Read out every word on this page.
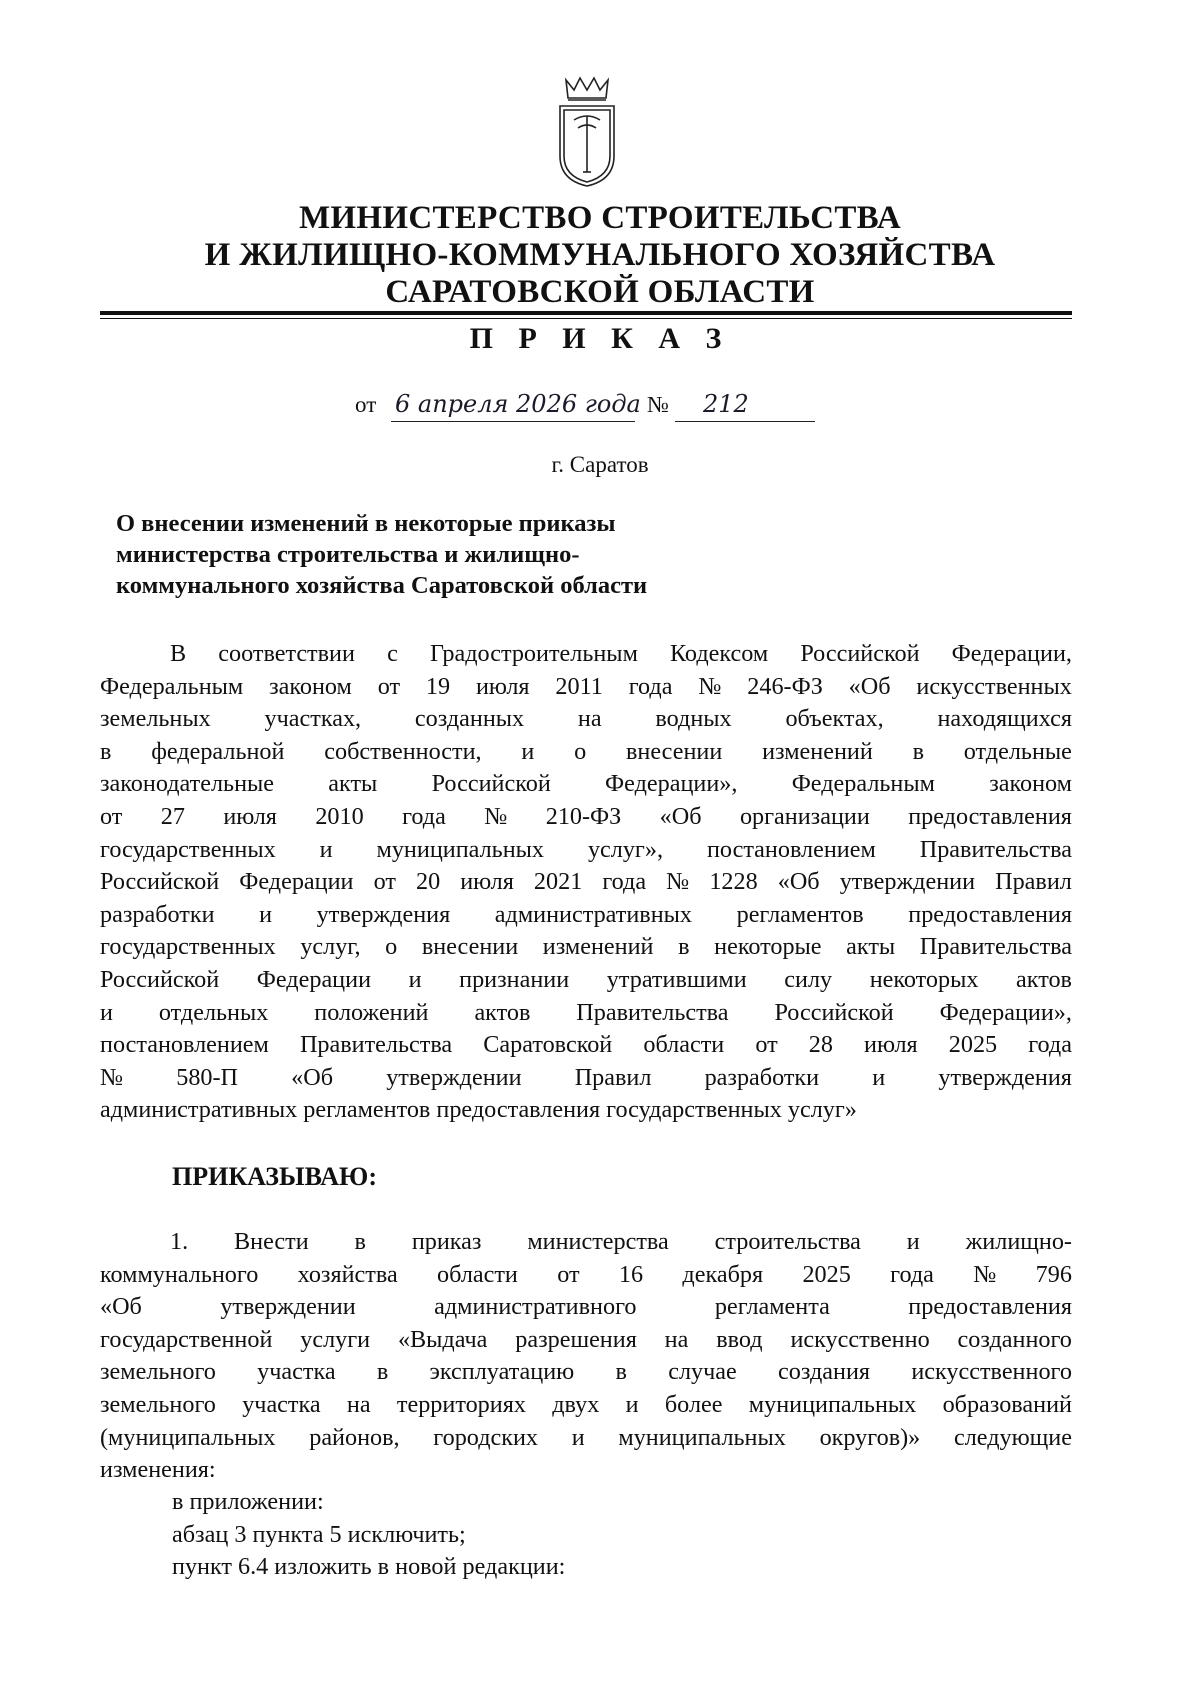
МИНИСТЕРСТВО СТРОИТЕЛЬСТВА
И ЖИЛИЩНО-КОММУНАЛЬНОГО ХОЗЯЙСТВА
САРАТОВСКОЙ ОБЛАСТИ
П Р И К А З
от 6 апреля 2026 года № 212
г. Саратов
О внесении изменений в некоторые приказы
министерства строительства и жилищно-
коммунального хозяйства Саратовской области
В соответствии с Градостроительным Кодексом Российской Федерации,
Федеральным законом от 19 июля 2011 года № 246-ФЗ «Об искусственных
земельных участках, созданных на водных объектах, находящихся
в федеральной собственности, и о внесении изменений в отдельные
законодательные акты Российской Федерации», Федеральным законом
от 27 июля 2010 года № 210-ФЗ «Об организации предоставления
государственных и муниципальных услуг», постановлением Правительства
Российской Федерации от 20 июля 2021 года № 1228 «Об утверждении Правил
разработки и утверждения административных регламентов предоставления
государственных услуг, о внесении изменений в некоторые акты Правительства
Российской Федерации и признании утратившими силу некоторых актов
и отдельных положений актов Правительства Российской Федерации»,
постановлением Правительства Саратовской области от 28 июля 2025 года
№ 580-П «Об утверждении Правил разработки и утверждения
административных регламентов предоставления государственных услуг»
ПРИКАЗЫВАЮ:
1. Внести в приказ министерства строительства и жилищно-
коммунального хозяйства области от 16 декабря 2025 года № 796
«Об	утверждении	административного	регламента	предоставления
государственной услуги «Выдача разрешения на ввод искусственно созданного
земельного участка в эксплуатацию в случае создания искусственного
земельного участка на территориях двух и более муниципальных образований
(муниципальных районов, городских и муниципальных округов)» следующие
изменения:
в приложении:
абзац 3 пункта 5 исключить;
пункт 6.4 изложить в новой редакции:
